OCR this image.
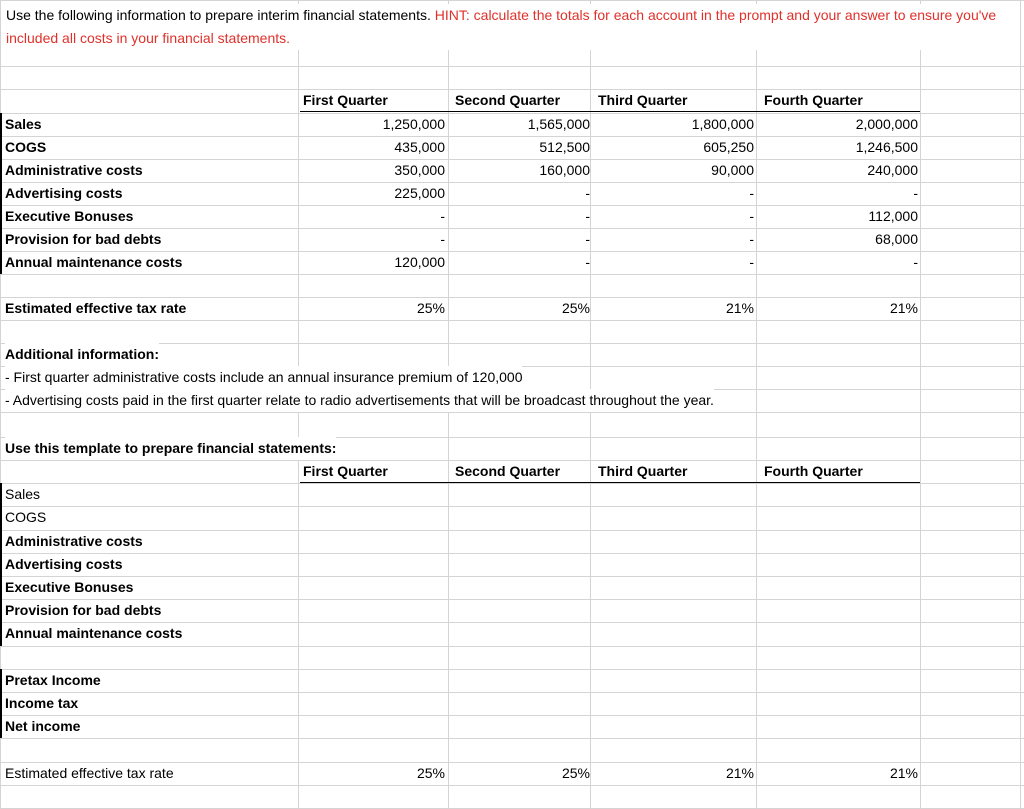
Use the following information to prepare interim financial statements. HINT: calculate the totals for each account in the prompt and your answer to ensure you've included all costs in your financial statements.
First Quarter	Second Quarter	Third Quarter	Fourth Quarter
Sales	1,250,000	1,565,000	1,800,000	2,000,000
COGS	435,000	512,500	605,250	1,246,500
Administrative costs	350,000	160,000	90,000	240,000
Advertising costs	225,000	-	-	-
Executive Bonuses	-	-	-	112,000
Provision for bad debts	-	-	-	68,000
Annual maintenance costs	120,000	-	-	-
Estimated effective tax rate	25%	25%	21%	21%
Additional information:
- First quarter administrative costs include an annual insurance premium of 120,000
- Advertising costs paid in the first quarter relate to radio advertisements that will be broadcast throughout the year.
Use this template to prepare financial statements:
First Quarter	Second Quarter	Third Quarter	Fourth Quarter
Sales
COGS
Administrative costs
Advertising costs
Executive Bonuses
Provision for bad debts
Annual maintenance costs
Pretax Income
Income tax
Net income
Estimated effective tax rate	25%	25%	21%	21%
